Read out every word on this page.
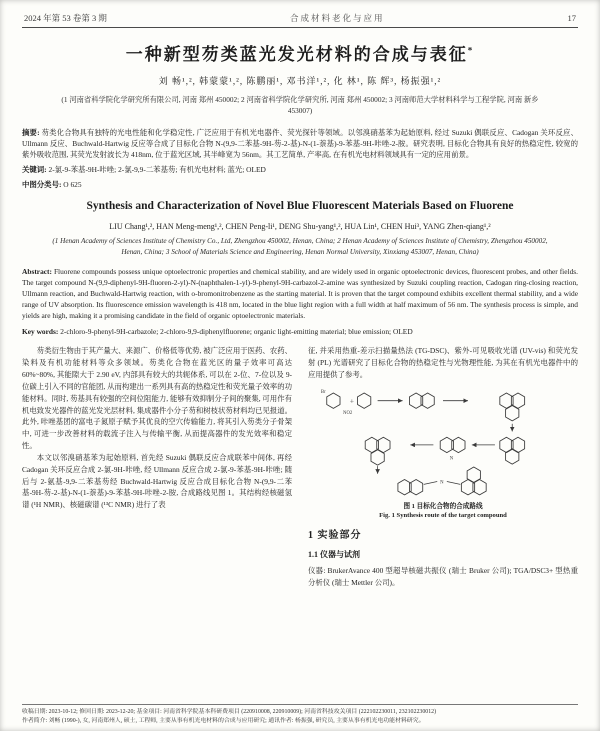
2024 年第 53 卷第 3 期	合成材料老化与应用	17
一种新型芴类蓝光发光材料的合成与表征*
刘 畅¹,², 韩蒙蒙¹,², 陈鹏丽¹, 邓书洋¹,², 化 林¹, 陈 辉³, 杨振强¹,²
(1 河南省科学院化学研究所有限公司, 河南 郑州 450002; 2 河南省科学院化学研究所, 河南 郑州 450002; 3 河南师范大学材料科学与工程学院, 河南 新乡 453007)

摘要: 芴类化合物具有独特的光电性能和化学稳定性, 广泛应用于有机光电器件、荧光探针等领域。以邻溴硝基苯为起始原料, 经过 Suzuki 偶联反应、Cadogan 关环反应、Ullmann 反应、Buchwald-Hartwig 反应等合成了目标化合物 N-(9,9-二苯基-9H-芴-2-基)-N-(1-萘基)-9-苯基-9H-咔唑-2-胺。研究表明, 目标化合物具有良好的热稳定性, 较宽的紫外吸收范围, 其荧光发射波长为 418nm, 位于蓝光区域, 其半峰宽为 56nm。其工艺简单, 产率高, 在有机光电材料领域具有一定的应用前景。

关键词: 2-氯-9-苯基-9H-咔唑; 2-氯-9,9-二苯基芴; 有机光电材料; 蓝光; OLED

中图分类号: O 625

Synthesis and Characterization of Novel Blue Fluorescent Materials Based on Fluorene
LIU Chang¹,², HAN Meng-meng¹,², CHEN Peng-li¹, DENG Shu-yang¹,², HUA Lin¹, CHEN Hui³, YANG Zhen-qiang¹,²
(1 Henan Academy of Sciences Institute of Chemistry Co., Ltd, Zhengzhou 450002, Henan, China; 2 Henan Academy of Sciences Institute of Chemistry, Zhengzhou 450002, Henan, China; 3 School of Materials Science and Engineering, Henan Normal University, Xinxiang 453007, Henan, China)

Abstract: Fluorene compounds possess unique optoelectronic properties and chemical stability, and are widely used in organic optoelectronic devices, fluorescent probes, and other fields. The target compound N-(9,9-diphenyl-9H-fluoren-2-yl)-N-(naphthalen-1-yl)-9-phenyl-9H-carbazol-2-amine was synthesized by Suzuki coupling reaction, Cadogan ring-closing reaction, Ullmann reaction, and Buchwald-Hartwig reaction, with o-bromonitrobenzene as the starting material. It is proven that the target compound exhibits excellent thermal stability, and a wide range of UV absorption. Its fluorescence emission wavelength is 418 nm, located in the blue light region with a full width at half maximum of 56 nm. The synthesis process is simple, and yields are high, making it a promising candidate in the field of organic optoelectronic materials.

Key words: 2-chloro-9-phenyl-9H-carbazole; 2-chloro-9,9-diphenylfluorene; organic light-emitting material; blue emission; OLED

芴类衍生物由于其产量大、来源广、价格低等优势, 被广泛应用于医药、农药、染料及有机功能材料等众多领域。芴类化合物在蓝光区的量子效率可高达 60%~80%, 其能隙大于 2.90 eV, 内部具有较大的共轭体系, 可以在 2-位、7-位以及 9-位碳上引入不同的官能团, 从而构建出一系列具有高的热稳定性和荧光量子效率的功能材料。同时, 芴基具有较强的空间位阻能力, 能够有效抑制分子间的聚集, 可用作有机电致发光器件的蓝光发光层材料, 集成器件小分子芴和树枝状芴材料均已见报道。此外, 咔唑基团的富电子氮原子赋予其优良的空穴传输能力, 将其引入芴类分子骨架中, 可进一步改善材料的载流子注入与传输平衡, 从而提高器件的发光效率和稳定性。

本文以邻溴硝基苯为起始原料, 首先经 Suzuki 偶联反应合成联苯中间体, 再经 Cadogan 关环反应合成 2-氯-9H-咔唑, 经 Ullmann 反应合成 2-氯-9-苯基-9H-咔唑; 随后与 2-氨基-9,9-二苯基芴经 Buchwald-Hartwig 反应合成目标化合物 N-(9,9-二苯基-9H-芴-2-基)-N-(1-萘基)-9-苯基-9H-咔唑-2-胺, 合成路线见图 1。其结构经核磁氢谱 (¹H NMR)、核磁碳谱 (¹³C NMR) 进行了表

征, 并采用热重-差示扫描量热法 (TG-DSC)、紫外-可见吸收光谱 (UV-vis) 和荧光发射 (PL) 光谱研究了目标化合物的热稳定性与光物理性能, 为其在有机光电器件中的应用提供了参考。

Br
NO2
+
N
N
图 1 目标化合物的合成路线
Fig. 1 Synthesis route of the target compound
1 实验部分
1.1 仪器与试剂

仪器: BrukerAvance 400 型超导核磁共振仪 (瑞士 Bruker 公司); TGA/DSC3+ 型热重分析仪 (瑞士 Mettler 公司)。

收稿日期: 2023-10-12; 修回日期: 2023-12-20; 基金项目: 河南省科学院基本科研费项目 (220910008, 220910009); 河南省科技攻关项目 (222102230011, 232102230012)
作者简介: 刘畅 (1990-), 女, 河南郑州人, 硕士, 工程师, 主要从事有机光电材料的合成与应用研究; 通讯作者: 杨振强, 研究员, 主要从事有机光电功能材料研究。
